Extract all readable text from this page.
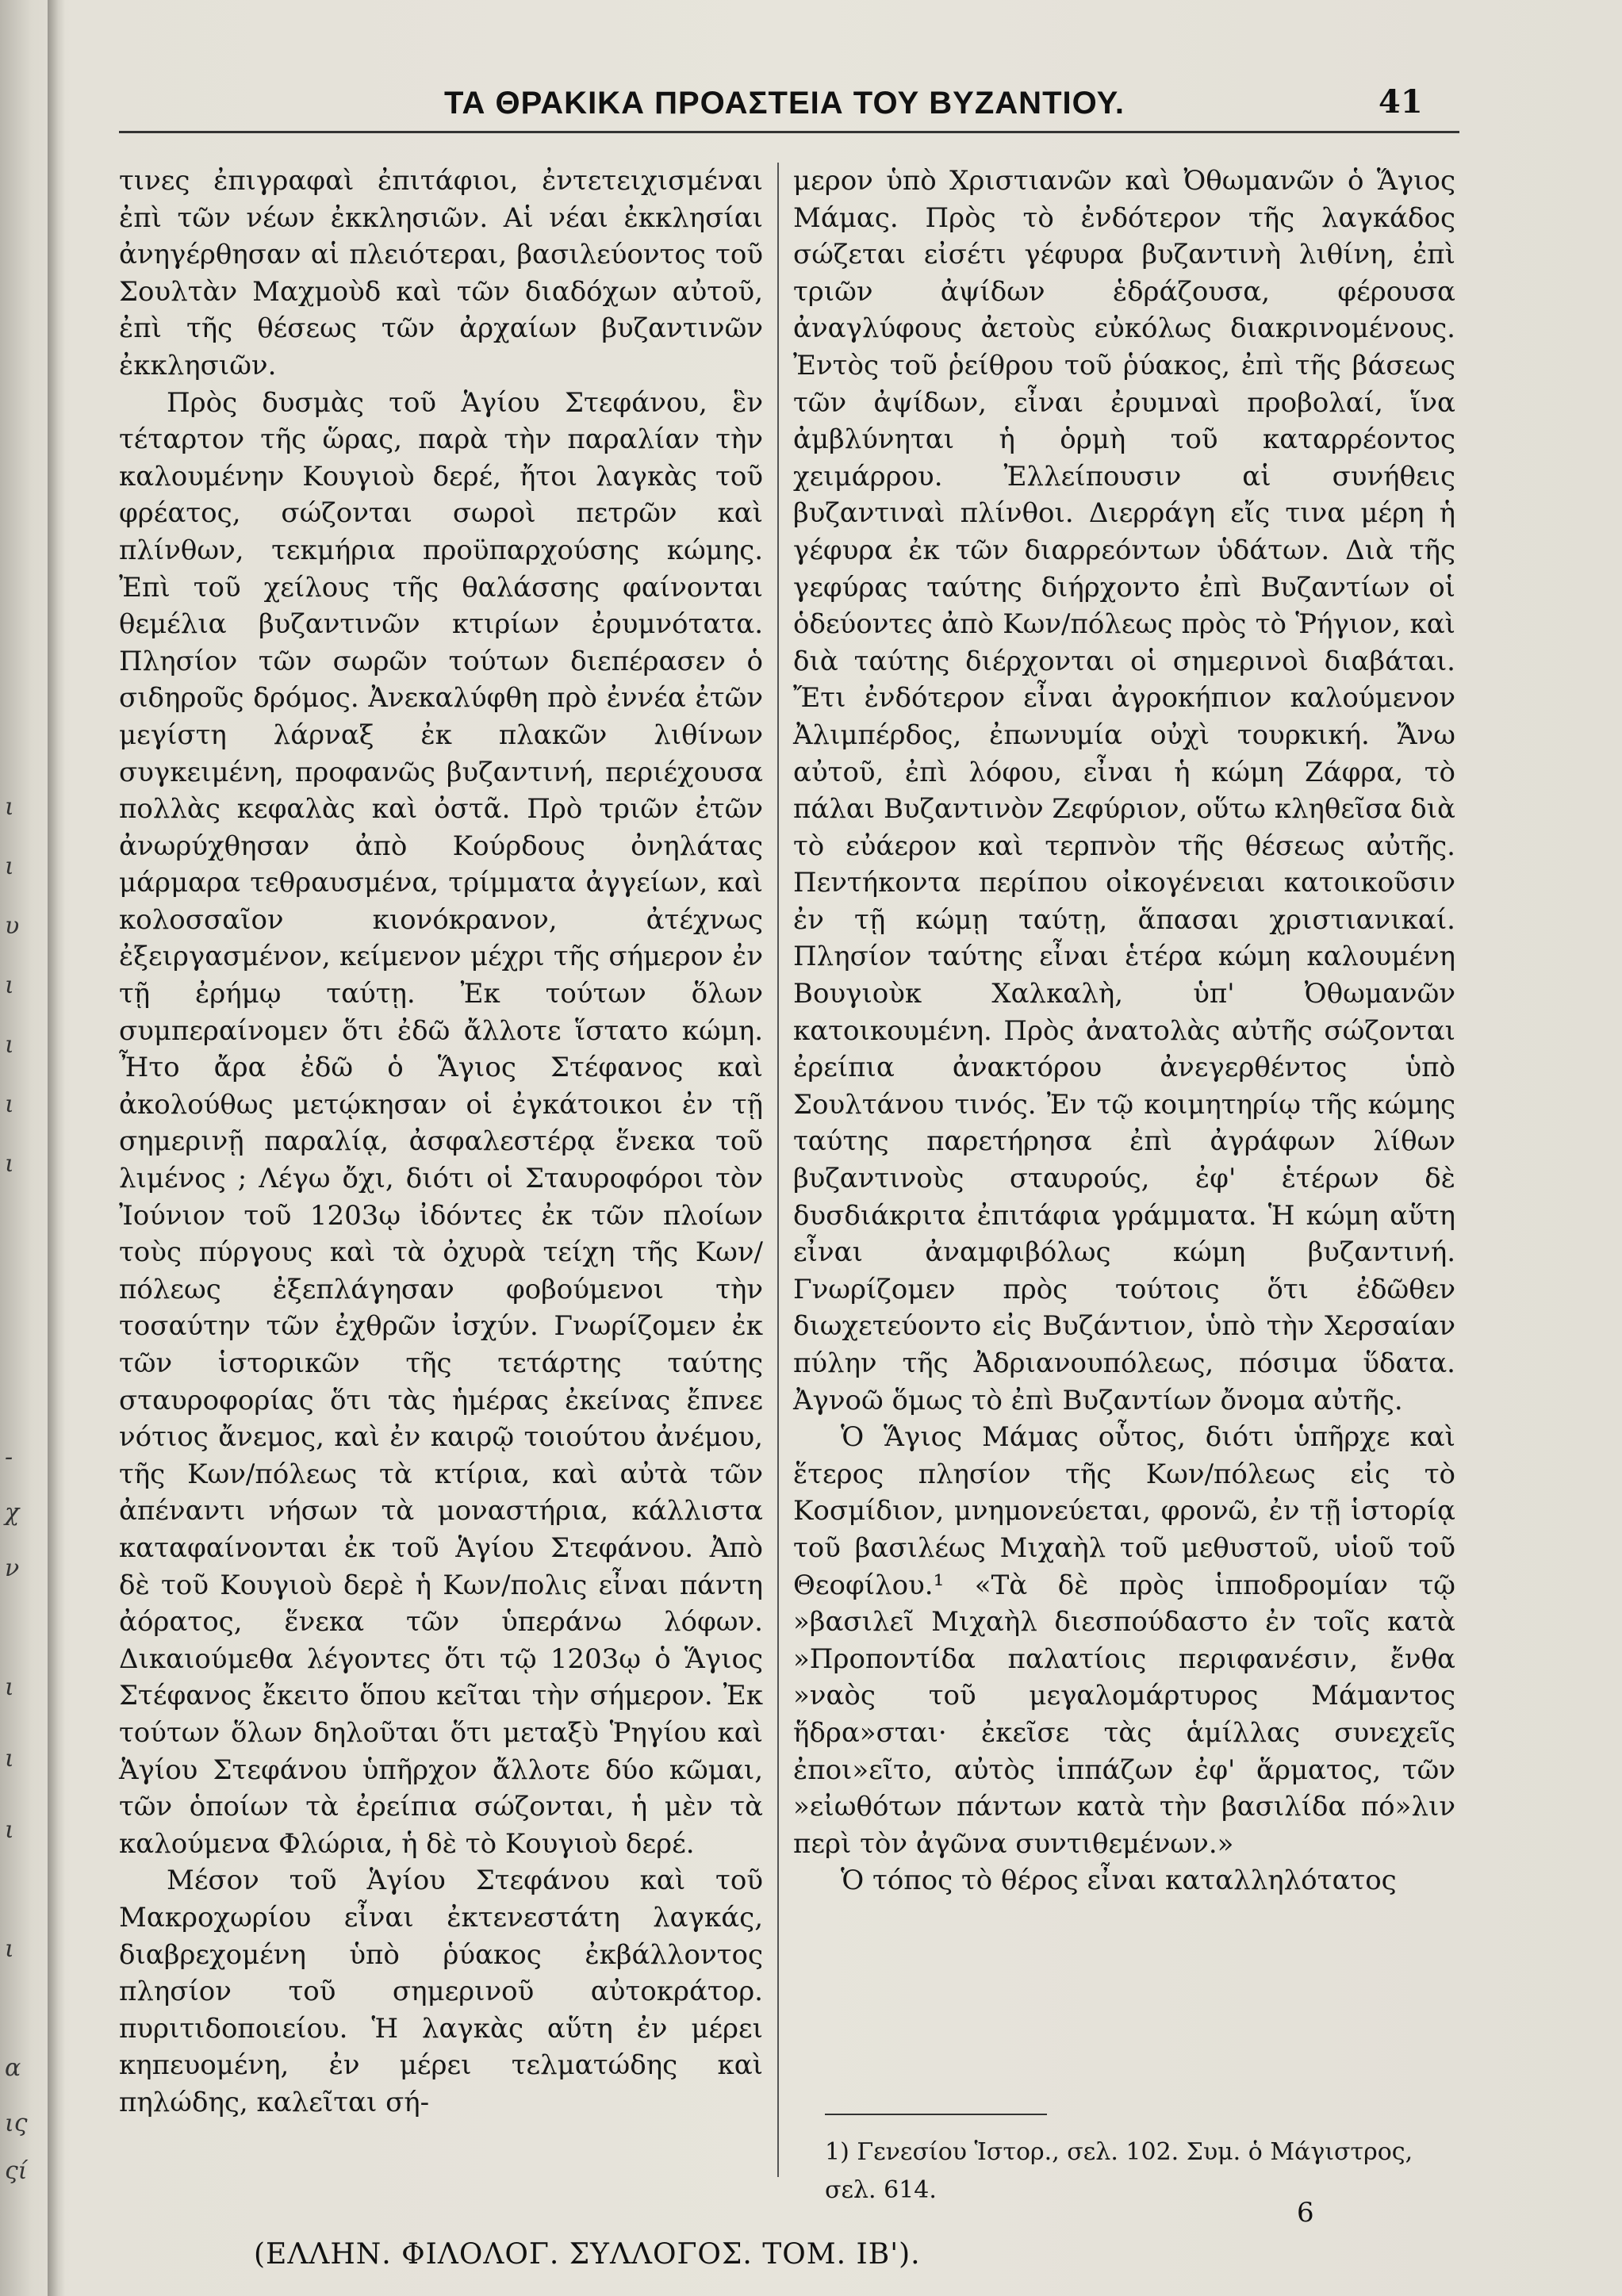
ι
ι
υ
ι
ι
ι
ι
-
χ
ν
ι
ι
ι
ι
α
ις
ςί
ΤΑ ΘΡΑΚΙΚΑ ΠΡΟΑΣΤΕΙΑ ΤΟΥ ΒΥΖΑΝΤΙΟΥ.	41

τινες ἐπιγραφαὶ ἐπιτάφιοι, ἐντετειχισμέναι ἐπὶ τῶν νέων ἐκκλησιῶν. Αἱ νέαι ἐκκλησίαι ἀνηγέρθησαν αἱ πλειότεραι, βασιλεύοντος τοῦ Σουλτὰν Μαχμοὺδ καὶ τῶν διαδόχων αὐτοῦ, ἐπὶ τῆς θέσεως τῶν ἀρχαίων βυζαντινῶν ἐκκλησιῶν.

Πρὸς δυσμὰς τοῦ Ἁγίου Στεφάνου, ἓν τέταρτον τῆς ὥρας, παρὰ τὴν παραλίαν τὴν καλουμένην Κουγιοὺ δερέ, ἤτοι λαγκὰς τοῦ φρέατος, σώζονται σωροὶ πετρῶν καὶ πλίνθων, τεκμήρια προϋπαρχούσης κώμης. Ἐπὶ τοῦ χείλους τῆς θαλάσσης φαίνονται θεμέλια βυζαντινῶν κτιρίων ἐρυμνότατα. Πλησίον τῶν σωρῶν τούτων διεπέρασεν ὁ σιδηροῦς δρόμος. Ἀνεκαλύφθη πρὸ ἐννέα ἐτῶν μεγίστη λάρναξ ἐκ πλακῶν λιθίνων συγκειμένη, προφανῶς βυζαντινή, περιέχουσα πολλὰς κεφαλὰς καὶ ὀστᾶ. Πρὸ τριῶν ἐτῶν ἀνωρύχθησαν ἀπὸ Κούρδους ὀνηλάτας μάρμαρα τεθραυσμένα, τρίμματα ἀγγείων, καὶ κολοσσαῖον κιονόκρανον, ἀτέχνως ἐξειργασμένον, κείμενον μέχρι τῆς σήμερον ἐν τῇ ἐρήμῳ ταύτῃ. Ἐκ τούτων ὅλων συμπεραίνομεν ὅτι ἐδῶ ἄλλοτε ἵστατο κώμη. Ἦτο ἄρα ἐδῶ ὁ Ἅγιος Στέφανος καὶ ἀκολούθως μετῴκησαν οἱ ἐγκάτοικοι ἐν τῇ σημερινῇ παραλίᾳ, ἀσφαλεστέρᾳ ἕνεκα τοῦ λιμένος ; Λέγω ὄχι, διότι οἱ Σταυροφόροι τὸν Ἰούνιον τοῦ 1203ῳ ἰδόντες ἐκ τῶν πλοίων τοὺς πύργους καὶ τὰ ὀχυρὰ τείχη τῆς Κων/πόλεως ἐξεπλάγησαν φοβούμενοι τὴν τοσαύτην τῶν ἐχθρῶν ἰσχύν. Γνωρίζομεν ἐκ τῶν ἱστορικῶν τῆς τετάρτης ταύτης σταυροφορίας ὅτι τὰς ἡμέρας ἐκείνας ἔπνεε νότιος ἄνεμος, καὶ ἐν καιρῷ τοιούτου ἀνέμου, τῆς Κων/πόλεως τὰ κτίρια, καὶ αὐτὰ τῶν ἀπέναντι νήσων τὰ μοναστήρια, κάλλιστα καταφαίνονται ἐκ τοῦ Ἁγίου Στεφάνου. Ἀπὸ δὲ τοῦ Κουγιοὺ δερὲ ἡ Κων/πολις εἶναι πάντη ἀόρατος, ἕνεκα τῶν ὑπεράνω λόφων. Δικαιούμεθα λέγοντες ὅτι τῷ 1203ῳ ὁ Ἅγιος Στέφανος ἔκειτο ὅπου κεῖται τὴν σήμερον. Ἐκ τούτων ὅλων δηλοῦται ὅτι μεταξὺ Ῥηγίου καὶ Ἁγίου Στεφάνου ὑπῆρχον ἄλλοτε δύο κῶμαι, τῶν ὁποίων τὰ ἐρείπια σώζονται, ἡ μὲν τὰ καλούμενα Φλώρια, ἡ δὲ τὸ Κουγιοὺ δερέ.

Μέσον τοῦ Ἁγίου Στεφάνου καὶ τοῦ Μακροχωρίου εἶναι ἐκτενεστάτη λαγκάς, διαβρεχομένη ὑπὸ ῥύακος ἐκβάλλοντος πλησίον τοῦ σημερινοῦ αὐτοκράτορ. πυριτιδοποιείου. Ἡ λαγκὰς αὕτη ἐν μέρει κηπευομένη, ἐν μέρει τελματώδης καὶ πηλώδης, καλεῖται σή-

μερον ὑπὸ Χριστιανῶν καὶ Ὀθωμανῶν ὁ Ἅγιος Μάμας. Πρὸς τὸ ἐνδότερον τῆς λαγκάδος σώζεται εἰσέτι γέφυρα βυζαντινὴ λιθίνη, ἐπὶ τριῶν ἀψίδων ἑδράζουσα, φέρουσα ἀναγλύφους ἀετοὺς εὐκόλως διακρινομένους. Ἐντὸς τοῦ ῥείθρου τοῦ ῥύακος, ἐπὶ τῆς βάσεως τῶν ἀψίδων, εἶναι ἐρυμναὶ προβολαί, ἵνα ἀμβλύνηται ἡ ὁρμὴ τοῦ καταρρέοντος χειμάρρου. Ἐλλείπουσιν αἱ συνήθεις βυζαντιναὶ πλίνθοι. Διερράγη εἴς τινα μέρη ἡ γέφυρα ἐκ τῶν διαρρεόντων ὑδάτων. Διὰ τῆς γεφύρας ταύτης διήρχοντο ἐπὶ Βυζαντίων οἱ ὁδεύοντες ἀπὸ Κων/πόλεως πρὸς τὸ Ῥήγιον, καὶ διὰ ταύτης διέρχονται οἱ σημερινοὶ διαβάται. Ἔτι ἐνδότερον εἶναι ἀγροκήπιον καλούμενον Ἀλιμπέρδος, ἐπωνυμία οὐχὶ τουρκική. Ἄνω αὐτοῦ, ἐπὶ λόφου, εἶναι ἡ κώμη Ζάφρα, τὸ πάλαι Βυζαντινὸν Ζεφύριον, οὕτω κληθεῖσα διὰ τὸ εὐάερον καὶ τερπνὸν τῆς θέσεως αὐτῆς. Πεντήκοντα περίπου οἰκογένειαι κατοικοῦσιν ἐν τῇ κώμῃ ταύτῃ, ἅπασαι χριστιανικαί. Πλησίον ταύτης εἶναι ἑτέρα κώμη καλουμένη Βουγιοὺκ Χαλκαλὴ, ὑπ' Ὀθωμανῶν κατοικουμένη. Πρὸς ἀνατολὰς αὐτῆς σώζονται ἐρείπια ἀνακτόρου ἀνεγερθέντος ὑπὸ Σουλτάνου τινός. Ἐν τῷ κοιμητηρίῳ τῆς κώμης ταύτης παρετήρησα ἐπὶ ἀγράφων λίθων βυζαντινοὺς σταυρούς, ἐφ' ἑτέρων δὲ δυσδιάκριτα ἐπιτάφια γράμματα. Ἡ κώμη αὕτη εἶναι ἀναμφιβόλως κώμη βυζαντινή. Γνωρίζομεν πρὸς τούτοις ὅτι ἐδῶθεν διωχετεύοντο εἰς Βυζάντιον, ὑπὸ τὴν Χερσαίαν πύλην τῆς Ἀδριανουπόλεως, πόσιμα ὕδατα. Ἀγνοῶ ὅμως τὸ ἐπὶ Βυζαντίων ὄνομα αὐτῆς.

Ὁ Ἅγιος Μάμας οὗτος, διότι ὑπῆρχε καὶ ἕτερος πλησίον τῆς Κων/πόλεως εἰς τὸ Κοσμίδιον, μνημονεύεται, φρονῶ, ἐν τῇ ἱστορίᾳ τοῦ βασιλέως Μιχαὴλ τοῦ μεθυστοῦ, υἱοῦ τοῦ Θεοφίλου.¹ «Τὰ δὲ πρὸς ἱπποδρομίαν τῷ »βασιλεῖ Μιχαὴλ διεσπούδαστο ἐν τοῖς κατὰ »Προποντίδα παλατίοις περιφανέσιν, ἔνθα »ναὸς τοῦ μεγαλομάρτυρος Μάμαντος ἥδρα»σται· ἐκεῖσε τὰς ἁμίλλας συνεχεῖς ἐποι»εῖτο, αὐτὸς ἱππάζων ἐφ' ἅρματος, τῶν »εἰωθότων πάντων κατὰ τὴν βασιλίδα πό»λιν περὶ τὸν ἀγῶνα συντιθεμένων.»

Ὁ τόπος τὸ θέρος εἶναι καταλληλότατος

1) Γενεσίου Ἱστορ., σελ. 102. Συμ. ὁ Μάγιστρος, σελ. 614.
6
(ΕΛΛΗΝ. ΦΙΛΟΛΟΓ. ΣΥΛΛΟΓΟΣ. ΤΟΜ. ΙΒ').
